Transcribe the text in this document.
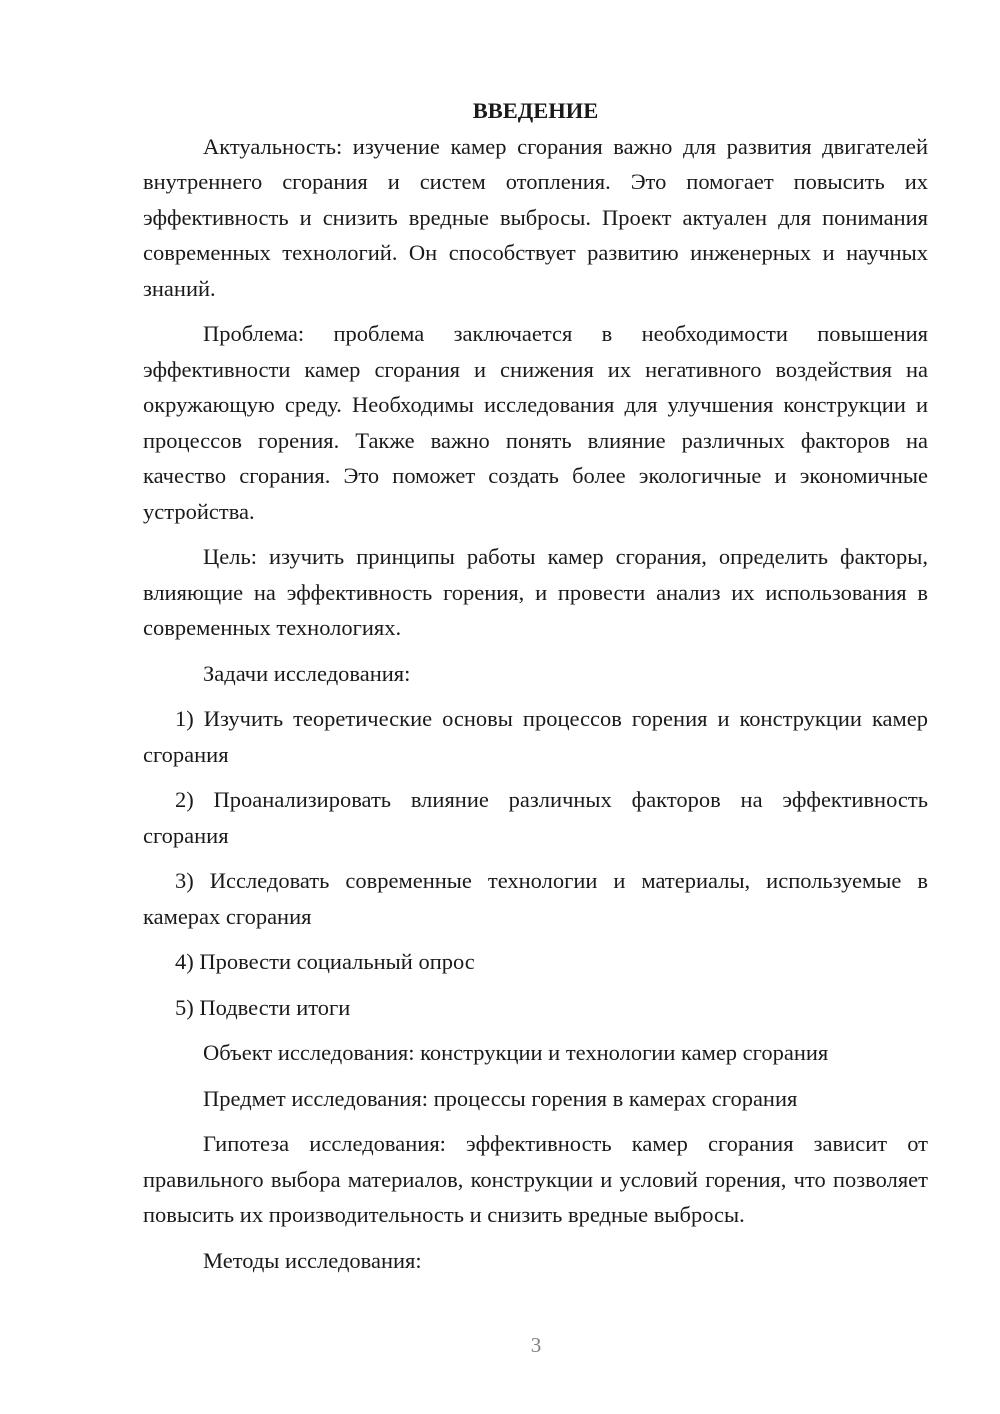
ВВЕДЕНИЕ

Актуальность: изучение камер сгорания важно для развития двигателей внутреннего сгорания и систем отопления. Это помогает повысить их эффективность и снизить вредные выбросы. Проект актуален для понимания современных технологий. Он способствует развитию инженерных и научных знаний.

Проблема: проблема заключается в необходимости повышения эффективности камер сгорания и снижения их негативного воздействия на окружающую среду. Необходимы исследования для улучшения конструкции и процессов горения. Также важно понять влияние различных факторов на качество сгорания. Это поможет создать более экологичные и экономичные устройства.

Цель: изучить принципы работы камер сгорания, определить факторы, влияющие на эффективность горения, и провести анализ их использования в современных технологиях.

Задачи исследования:

1) Изучить теоретические основы процессов горения и конструкции камер сгорания

2) Проанализировать влияние различных факторов на эффективность сгорания

3) Исследовать современные технологии и материалы, используемые в камерах сгорания

4) Провести социальный опрос

5) Подвести итоги

Объект исследования: конструкции и технологии камер сгорания

Предмет исследования: процессы горения в камерах сгорания

Гипотеза исследования: эффективность камер сгорания зависит от правильного выбора материалов, конструкции и условий горения, что позволяет повысить их производительность и снизить вредные выбросы.

Методы исследования:

3
